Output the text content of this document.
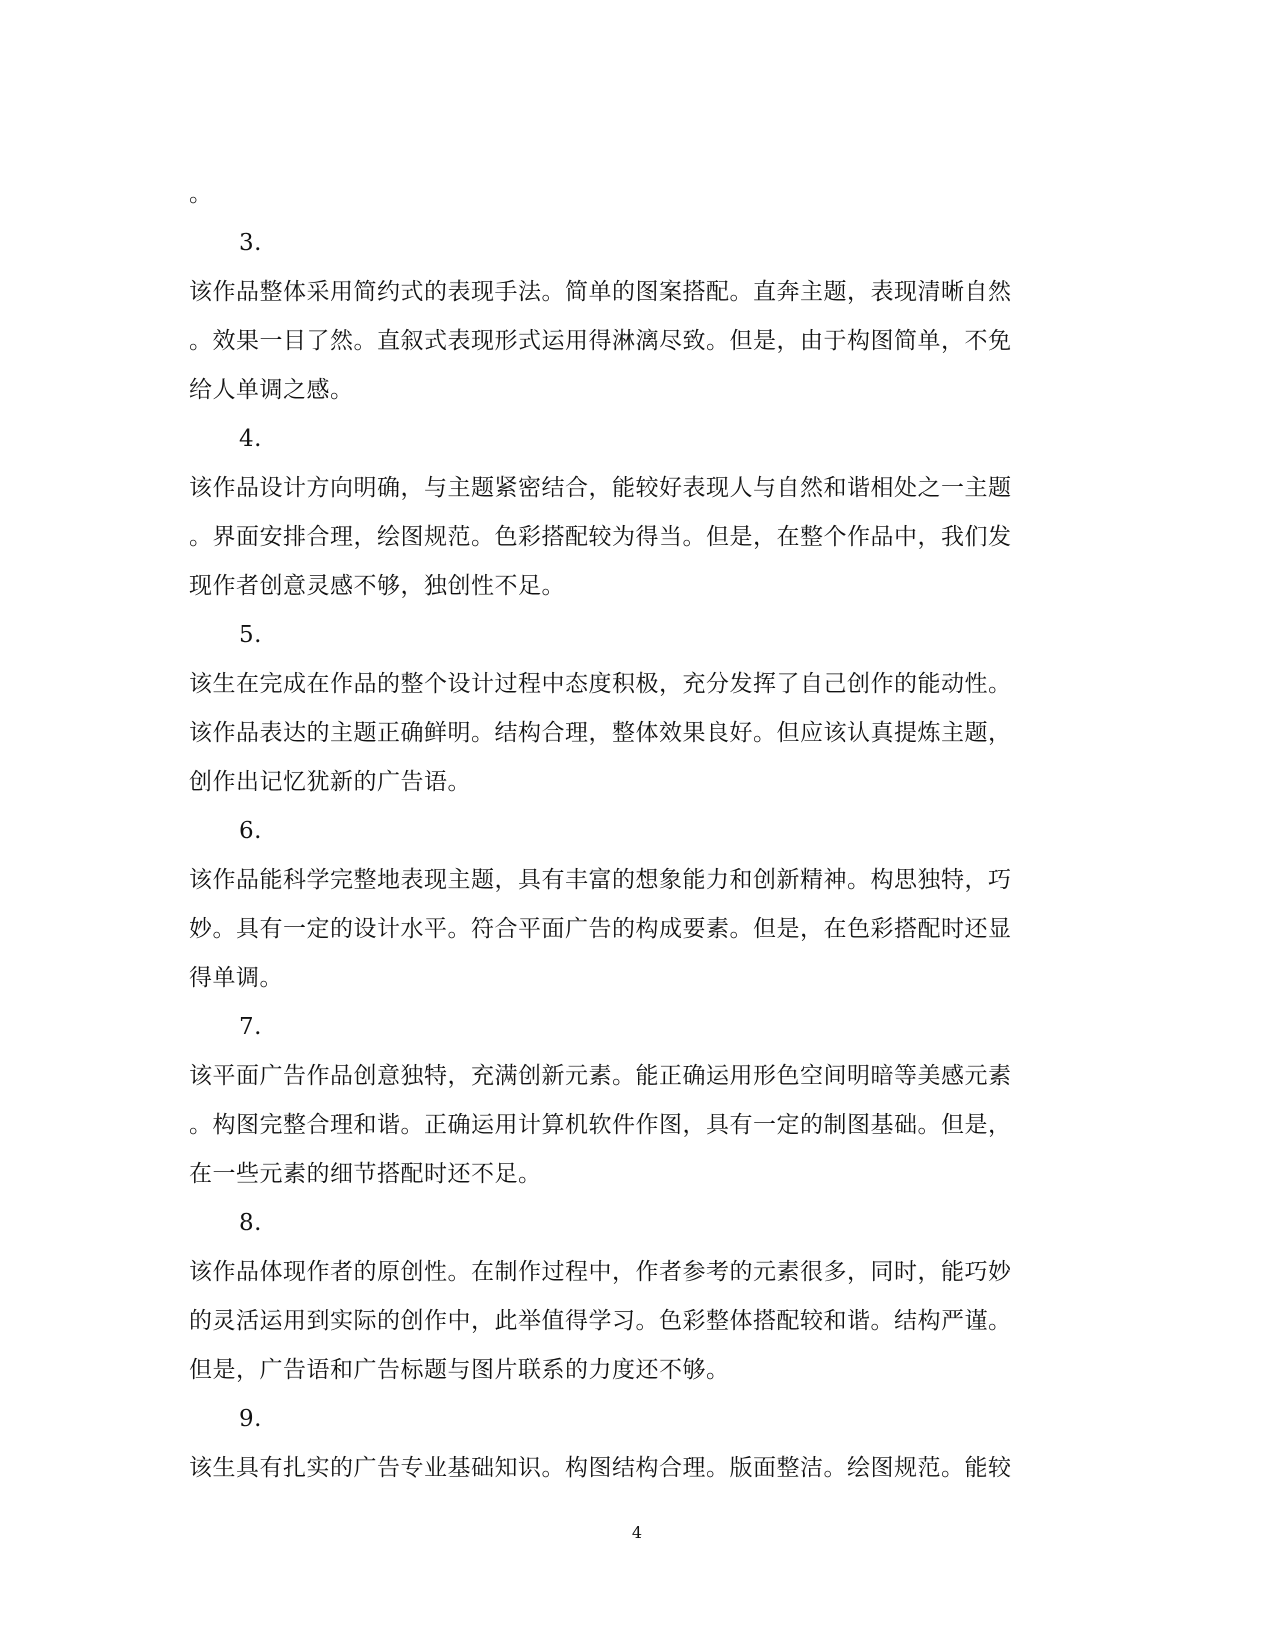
。
3.
该作品整体采用简约式的表现手法。简单的图案搭配。直奔主题，表现清晰自然
。效果一目了然。直叙式表现形式运用得淋漓尽致。但是，由于构图简单，不免
给人单调之感。
4.
该作品设计方向明确，与主题紧密结合，能较好表现人与自然和谐相处之一主题
。界面安排合理，绘图规范。色彩搭配较为得当。但是，在整个作品中，我们发
现作者创意灵感不够，独创性不足。
5.
该生在完成在作品的整个设计过程中态度积极，充分发挥了自己创作的能动性。
该作品表达的主题正确鲜明。结构合理，整体效果良好。但应该认真提炼主题，
创作出记忆犹新的广告语。
6.
该作品能科学完整地表现主题，具有丰富的想象能力和创新精神。构思独特，巧
妙。具有一定的设计水平。符合平面广告的构成要素。但是，在色彩搭配时还显
得单调。
7.
该平面广告作品创意独特，充满创新元素。能正确运用形色空间明暗等美感元素
。构图完整合理和谐。正确运用计算机软件作图，具有一定的制图基础。但是，
在一些元素的细节搭配时还不足。
8.
该作品体现作者的原创性。在制作过程中，作者参考的元素很多，同时，能巧妙
的灵活运用到实际的创作中，此举值得学习。色彩整体搭配较和谐。结构严谨。
但是，广告语和广告标题与图片联系的力度还不够。
9.
该生具有扎实的广告专业基础知识。构图结构合理。版面整洁。绘图规范。能较
4
